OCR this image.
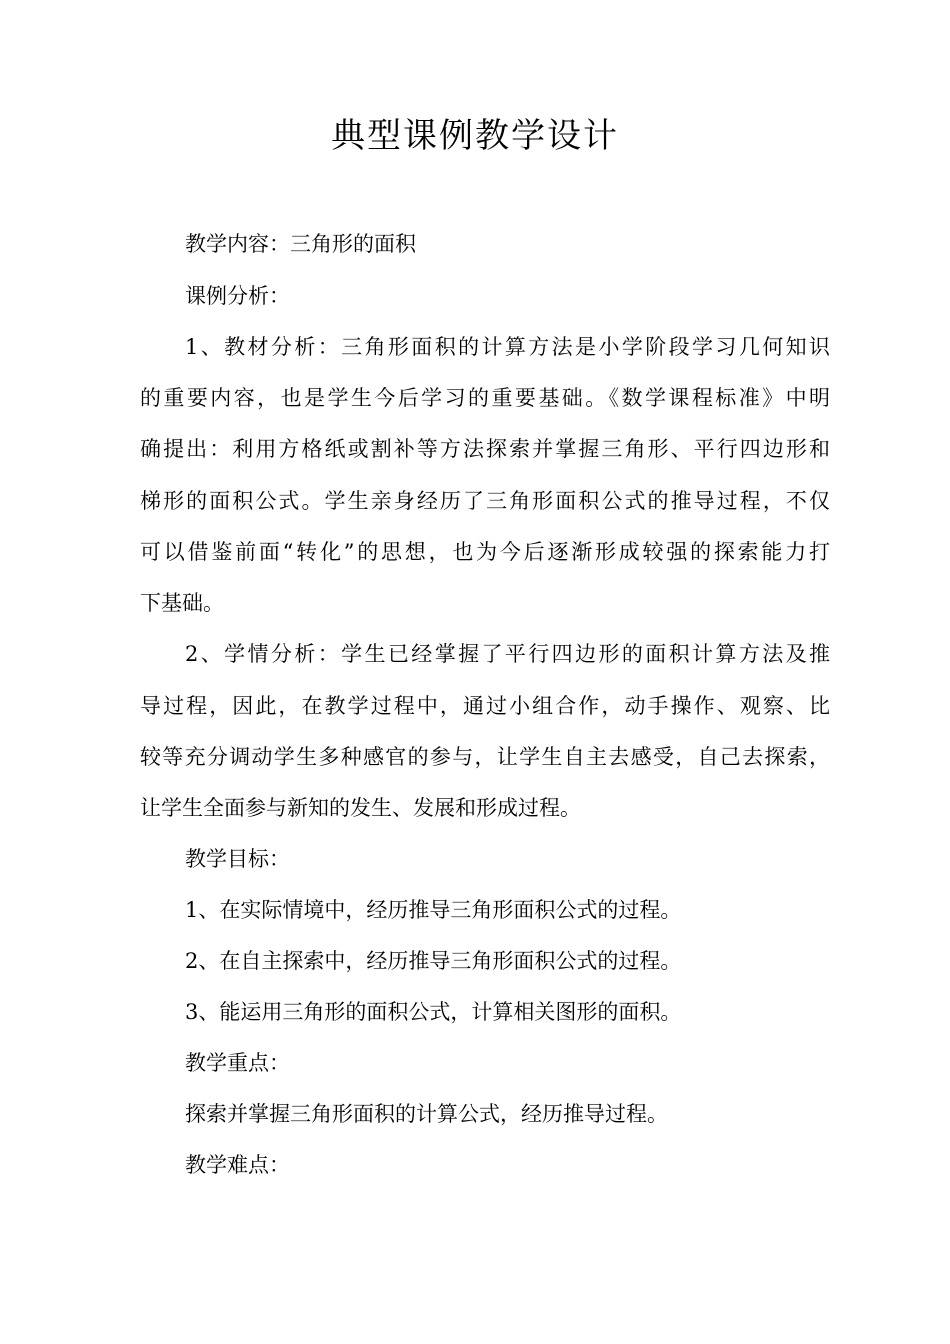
典型课例教学设计
教学内容：三角形的面积
课例分析：
1、教材分析：三角形面积的计算方法是小学阶段学习几何知识
的重要内容，也是学生今后学习的重要基础。《数学课程标准》中明
确提出：利用方格纸或割补等方法探索并掌握三角形、平行四边形和
梯形的面积公式。学生亲身经历了三角形面积公式的推导过程，不仅
可以借鉴前面“转化”的思想，也为今后逐渐形成较强的探索能力打
下基础。
2、学情分析：学生已经掌握了平行四边形的面积计算方法及推
导过程，因此，在教学过程中，通过小组合作，动手操作、观察、比
较等充分调动学生多种感官的参与，让学生自主去感受，自己去探索，
让学生全面参与新知的发生、发展和形成过程。
教学目标：
1、在实际情境中，经历推导三角形面积公式的过程。
2、在自主探索中，经历推导三角形面积公式的过程。
3、能运用三角形的面积公式，计算相关图形的面积。
教学重点：
探索并掌握三角形面积的计算公式，经历推导过程。
教学难点：
